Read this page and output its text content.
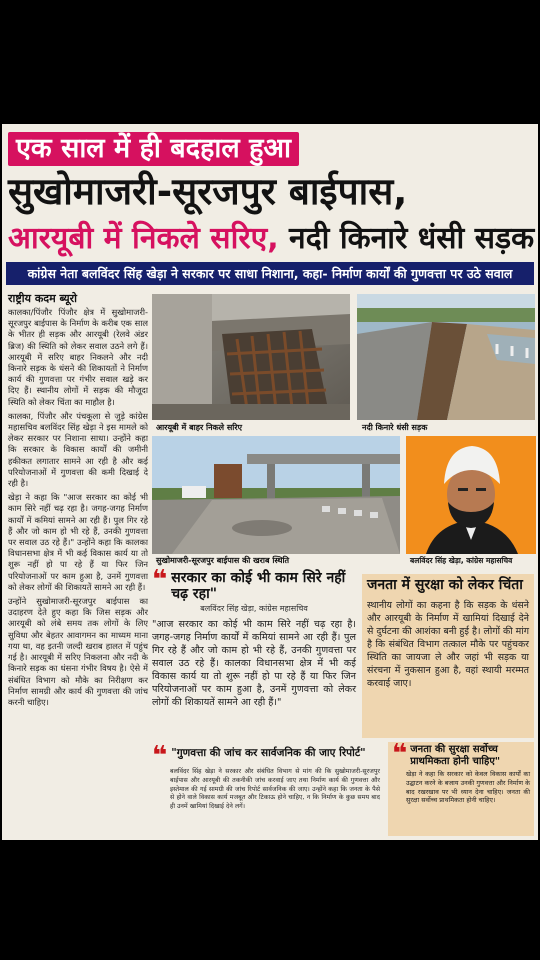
एक साल में ही बदहाल हुआ
सुखोमाजरी-सूरजपुर बाईपास,
आरयूबी में निकले सरिए, नदी किनारे धंसी सड़क
कांग्रेस नेता बलविंदर सिंह खेड़ा ने सरकार पर साधा निशाना, कहा- निर्माण कार्यों की गुणवत्ता पर उठे सवाल
राष्ट्रीय कदम ब्यूरो

कालका/पिंजौर पिंजौर क्षेत्र में सुखोमाजरी-सूरजपुर बाईपास के निर्माण के करीब एक साल के भीतर ही सड़क और आरयूबी (रेलवे अंडर ब्रिज) की स्थिति को लेकर सवाल उठने लगे हैं। आरयूबी में सरिए बाहर निकलने और नदी किनारे सड़क के धंसने की शिकायतों ने निर्माण कार्य की गुणवत्ता पर गंभीर सवाल खड़े कर दिए हैं। स्थानीय लोगों में सड़क की मौजूदा स्थिति को लेकर चिंता का माहौल है।

कालका, पिंजौर और पंचकूला से जुड़े कांग्रेस महासचिव बलविंदर सिंह खेड़ा ने इस मामले को लेकर सरकार पर निशाना साधा। उन्होंने कहा कि सरकार के विकास कार्यों की जमीनी हकीकत लगातार सामने आ रही है और कई परियोजनाओं में गुणवत्ता की कमी दिखाई दे रही है।

खेड़ा ने कहा कि "आज सरकार का कोई भी काम सिरे नहीं चढ़ रहा है। जगह-जगह निर्माण कार्यों में कमियां सामने आ रही हैं। पुल गिर रहे हैं और जो काम हो भी रहे हैं, उनकी गुणवत्ता पर सवाल उठ रहे हैं।" उन्होंने कहा कि कालका विधानसभा क्षेत्र में भी कई विकास कार्य या तो शुरू नहीं हो पा रहे हैं या फिर जिन परियोजनाओं पर काम हुआ है, उनमें गुणवत्ता को लेकर लोगों की शिकायतें सामने आ रही हैं।

उन्होंने सुखोमाजरी-सूरजपुर बाईपास का उदाहरण देते हुए कहा कि जिस सड़क और आरयूबी को लंबे समय तक लोगों के लिए सुविधा और बेहतर आवागमन का माध्यम माना गया था, वह इतनी जल्दी खराब हालत में पहुंच गई है। आरयूबी में सरिए निकलना और नदी के किनारे सड़क का धंसना गंभीर विषय है। ऐसे में संबंधित विभाग को मौके का निरीक्षण कर निर्माण सामग्री और कार्य की गुणवत्ता की जांच करनी चाहिए।

आरयूबी में बाहर निकले सरिए	नदी किनारे धंसी सड़क
सुखोमाजरी-सूरजपुर बाईपास की खराब स्थिति	बलविंदर सिंह खेड़ा, कांग्रेस महासचिव
❝ सरकार का कोई भी काम सिरे नहीं चढ़ रहा"
बलविंदर सिंह खेड़ा, कांग्रेस महासचिव
"आज सरकार का कोई भी काम सिरे नहीं चढ़ रहा है। जगह-जगह निर्माण कार्यों में कमियां सामने आ रही हैं। पुल गिर रहे हैं और जो काम हो भी रहे हैं, उनकी गुणवत्ता पर सवाल उठ रहे हैं। कालका विधानसभा क्षेत्र में भी कई विकास कार्य या तो शुरू नहीं हो पा रहे हैं या फिर जिन परियोजनाओं पर काम हुआ है, उनमें गुणवत्ता को लेकर लोगों की शिकायतें सामने आ रही हैं।"
जनता में सुरक्षा को लेकर चिंता
स्थानीय लोगों का कहना है कि सड़क के धंसने और आरयूबी के निर्माण में खामियां दिखाई देने से दुर्घटना की आशंका बनी हुई है। लोगों की मांग है कि संबंधित विभाग तत्काल मौके पर पहुंचकर स्थिति का जायजा ले और जहां भी सड़क या संरचना में नुकसान हुआ है, वहां स्थायी मरम्मत करवाई जाए।
❝ "गुणवत्ता की जांच कर सार्वजनिक की जाए रिपोर्ट"
बलविंदर सिंह खेड़ा ने सरकार और संबंधित विभाग से मांग की कि सुखोमाजरी-सूरजपुर बाईपास और आरयूबी की तकनीकी जांच करवाई जाए तथा निर्माण कार्य की गुणवत्ता और इस्तेमाल की गई सामग्री की जांच रिपोर्ट सार्वजनिक की जाए। उन्होंने कहा कि जनता के पैसे से होने वाले विकास कार्य मजबूत और टिकाऊ होने चाहिए, न कि निर्माण के कुछ समय बाद ही उनमें खामियां दिखाई देने लगें।
❝ जनता की सुरक्षा सर्वोच्च प्राथमिकता होनी चाहिए"
खेड़ा ने कहा कि सरकार को केवल विकास कार्यों का उद्घाटन करने के बजाय उनकी गुणवत्ता और निर्माण के बाद रखरखाव पर भी ध्यान देना चाहिए। जनता की सुरक्षा सर्वोच्च प्राथमिकता होनी चाहिए।
